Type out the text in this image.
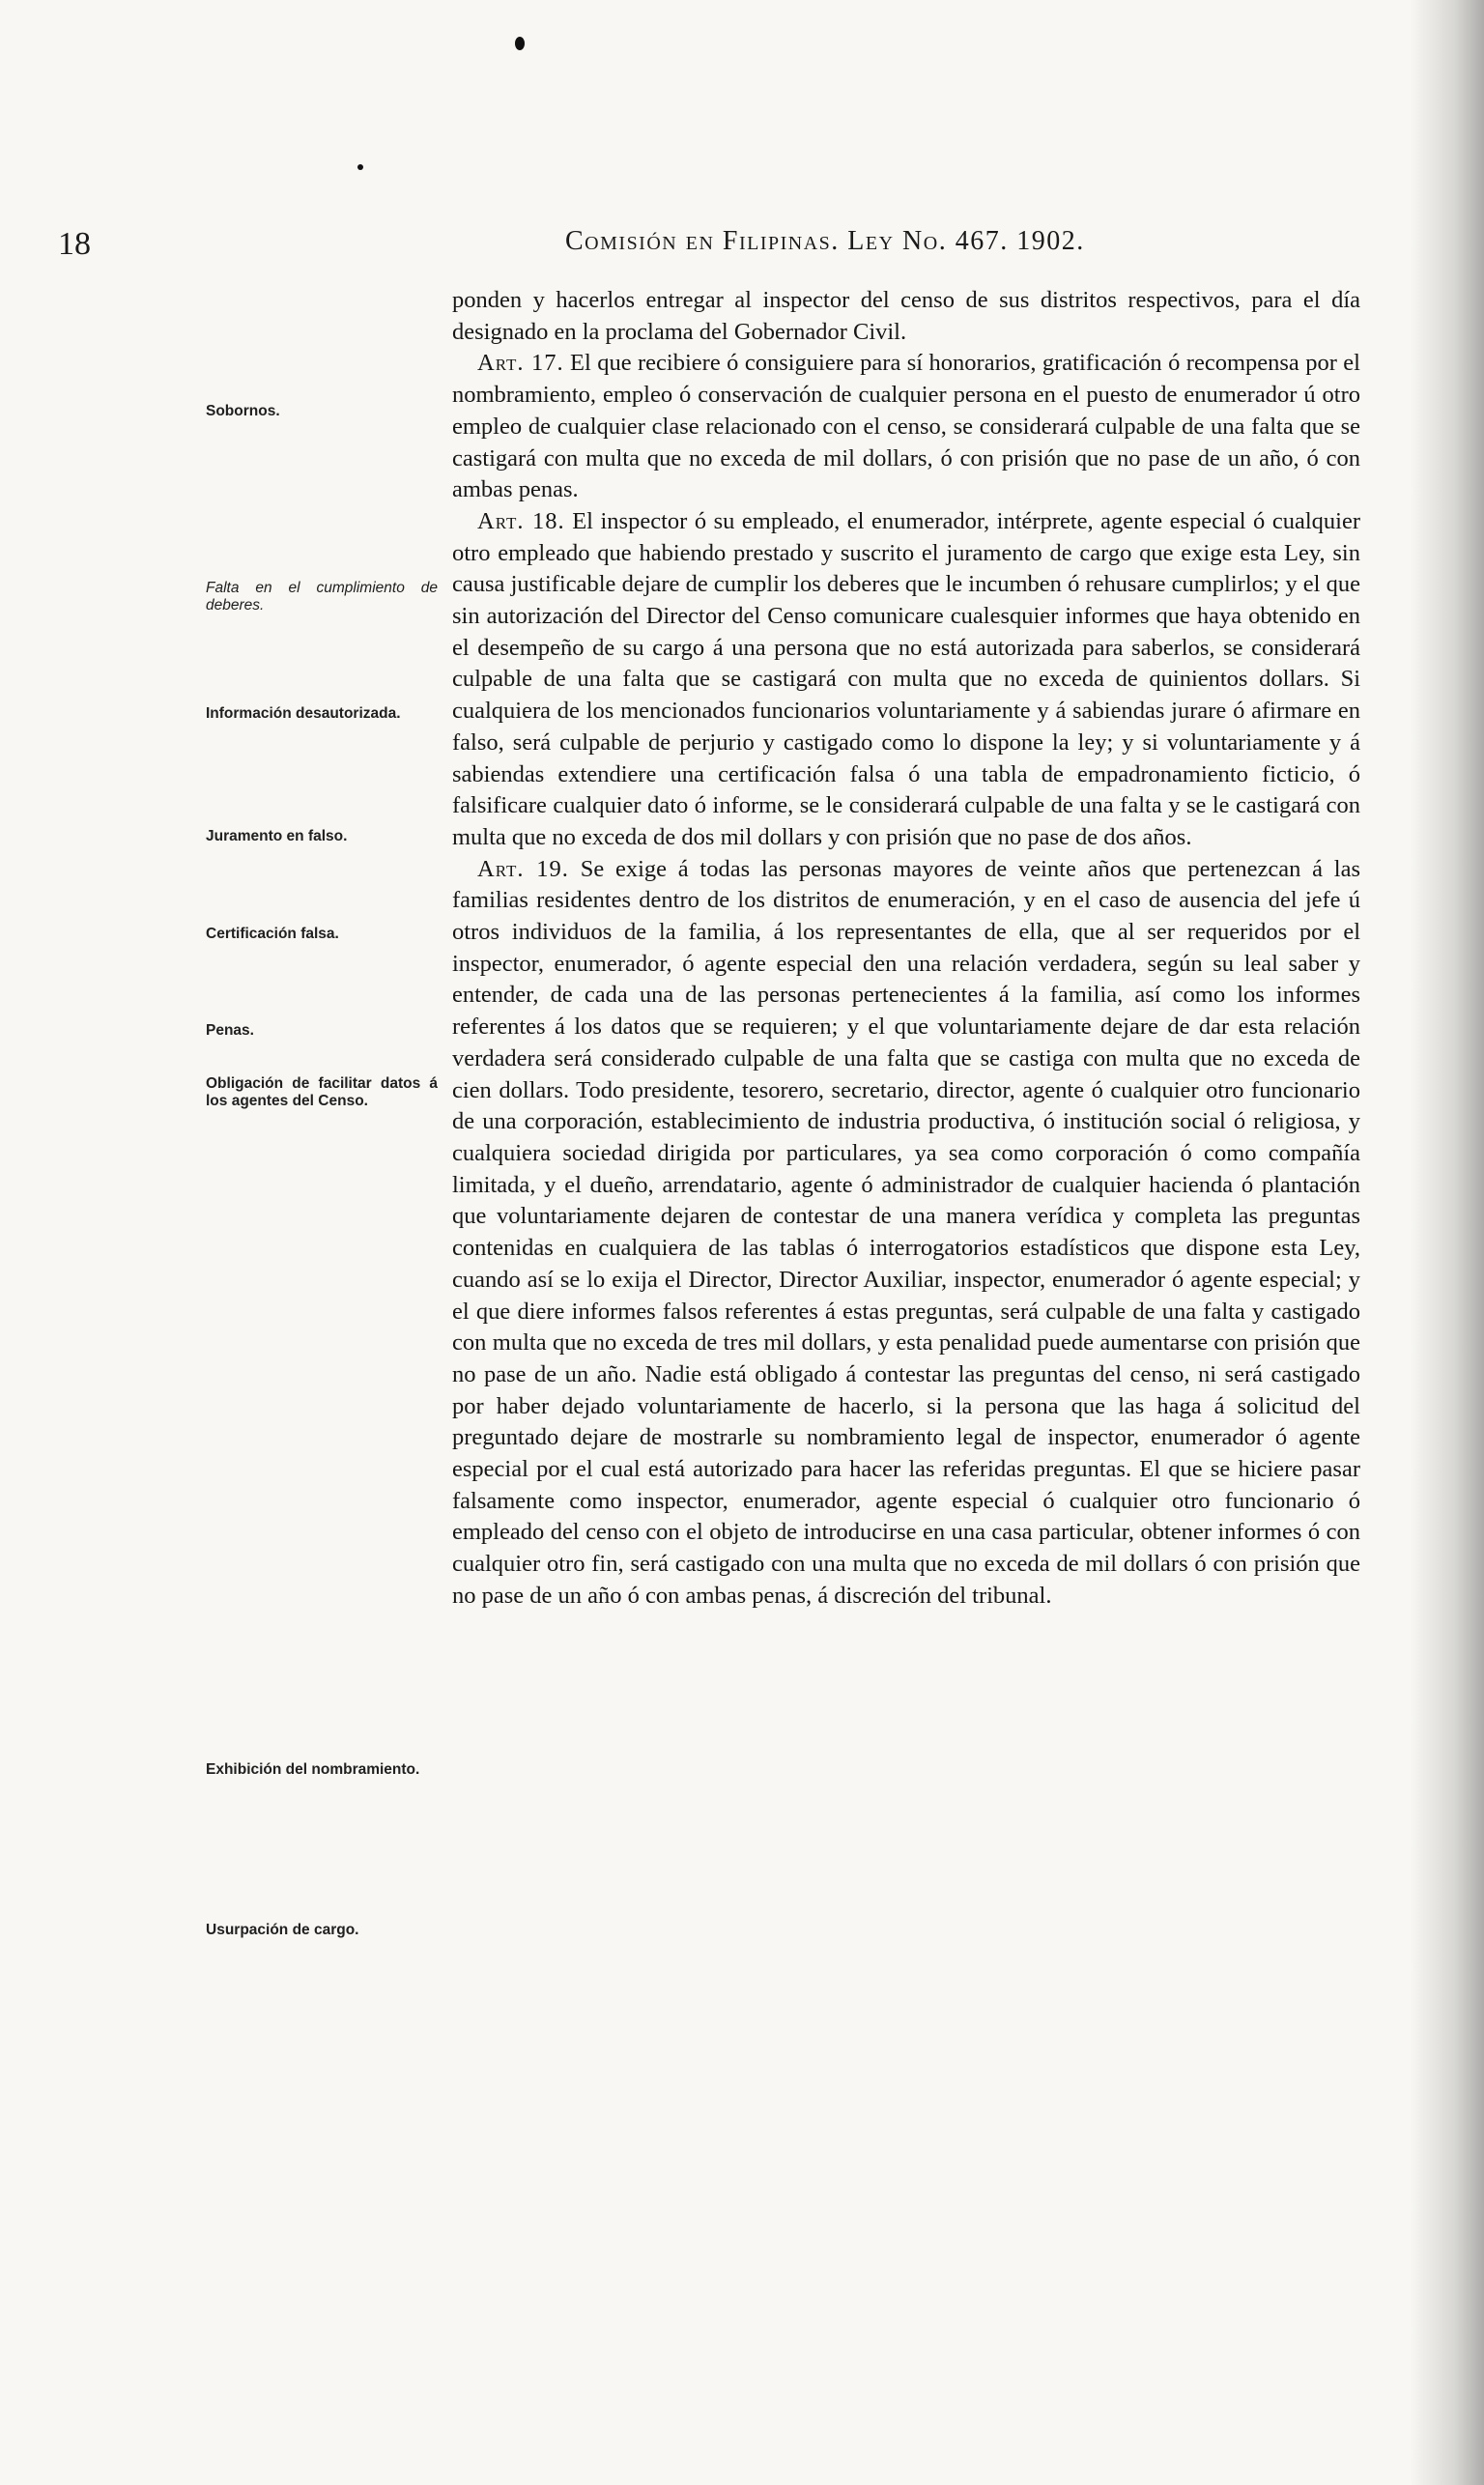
18	Comisión en Filipinas. Ley No. 467. 1902.
Sobornos.
Falta en el cumplimiento de deberes.
Información desautorizada.
Juramento en falso.
Certificación falsa.
Penas.
Obligación de facilitar datos á los agentes del Censo.
Exhibición del nombramiento.
Usurpación de cargo.

ponden y hacerlos entregar al inspector del censo de sus distritos respectivos, para el día designado en la proclama del Gobernador Civil.

Art. 17. El que recibiere ó consiguiere para sí honorarios, gratificación ó recompensa por el nombramiento, empleo ó conservación de cualquier persona en el puesto de enumerador ú otro empleo de cualquier clase relacionado con el censo, se considerará culpable de una falta que se castigará con multa que no exceda de mil dollars, ó con prisión que no pase de un año, ó con ambas penas.

Art. 18. El inspector ó su empleado, el enumerador, intérprete, agente especial ó cualquier otro empleado que habiendo prestado y suscrito el juramento de cargo que exige esta Ley, sin causa justificable dejare de cumplir los deberes que le incumben ó rehusare cumplirlos; y el que sin autorización del Director del Censo comunicare cualesquier informes que haya obtenido en el desempeño de su cargo á una persona que no está autorizada para saberlos, se considerará culpable de una falta que se castigará con multa que no exceda de quinientos dollars. Si cualquiera de los mencionados funcionarios voluntariamente y á sabiendas jurare ó afirmare en falso, será culpable de perjurio y castigado como lo dispone la ley; y si voluntariamente y á sabiendas extendiere una certificación falsa ó una tabla de empadronamiento ficticio, ó falsificare cualquier dato ó informe, se le considerará culpable de una falta y se le castigará con multa que no exceda de dos mil dollars y con prisión que no pase de dos años.

Art. 19. Se exige á todas las personas mayores de veinte años que pertenezcan á las familias residentes dentro de los distritos de enumeración, y en el caso de ausencia del jefe ú otros individuos de la familia, á los representantes de ella, que al ser requeridos por el inspector, enumerador, ó agente especial den una relación verdadera, según su leal saber y entender, de cada una de las personas pertenecientes á la familia, así como los informes referentes á los datos que se requieren; y el que voluntariamente dejare de dar esta relación verdadera será considerado culpable de una falta que se castiga con multa que no exceda de cien dollars. Todo presidente, tesorero, secretario, director, agente ó cualquier otro funcionario de una corporación, establecimiento de industria productiva, ó institución social ó religiosa, y cualquiera sociedad dirigida por particulares, ya sea como corporación ó como compañía limitada, y el dueño, arrendatario, agente ó administrador de cualquier hacienda ó plantación que voluntariamente dejaren de contestar de una manera verídica y completa las preguntas contenidas en cualquiera de las tablas ó interrogatorios estadísticos que dispone esta Ley, cuando así se lo exija el Director, Director Auxiliar, inspector, enumerador ó agente especial; y el que diere informes falsos referentes á estas preguntas, será culpable de una falta y castigado con multa que no exceda de tres mil dollars, y esta penalidad puede aumentarse con prisión que no pase de un año. Nadie está obligado á contestar las preguntas del censo, ni será castigado por haber dejado voluntariamente de hacerlo, si la persona que las haga á solicitud del preguntado dejare de mostrarle su nombramiento legal de inspector, enumerador ó agente especial por el cual está autorizado para hacer las referidas preguntas. El que se hiciere pasar falsamente como inspector, enumerador, agente especial ó cualquier otro funcionario ó empleado del censo con el objeto de introducirse en una casa particular, obtener informes ó con cualquier otro fin, será castigado con una multa que no exceda de mil dollars ó con prisión que no pase de un año ó con ambas penas, á discreción del tribunal.
